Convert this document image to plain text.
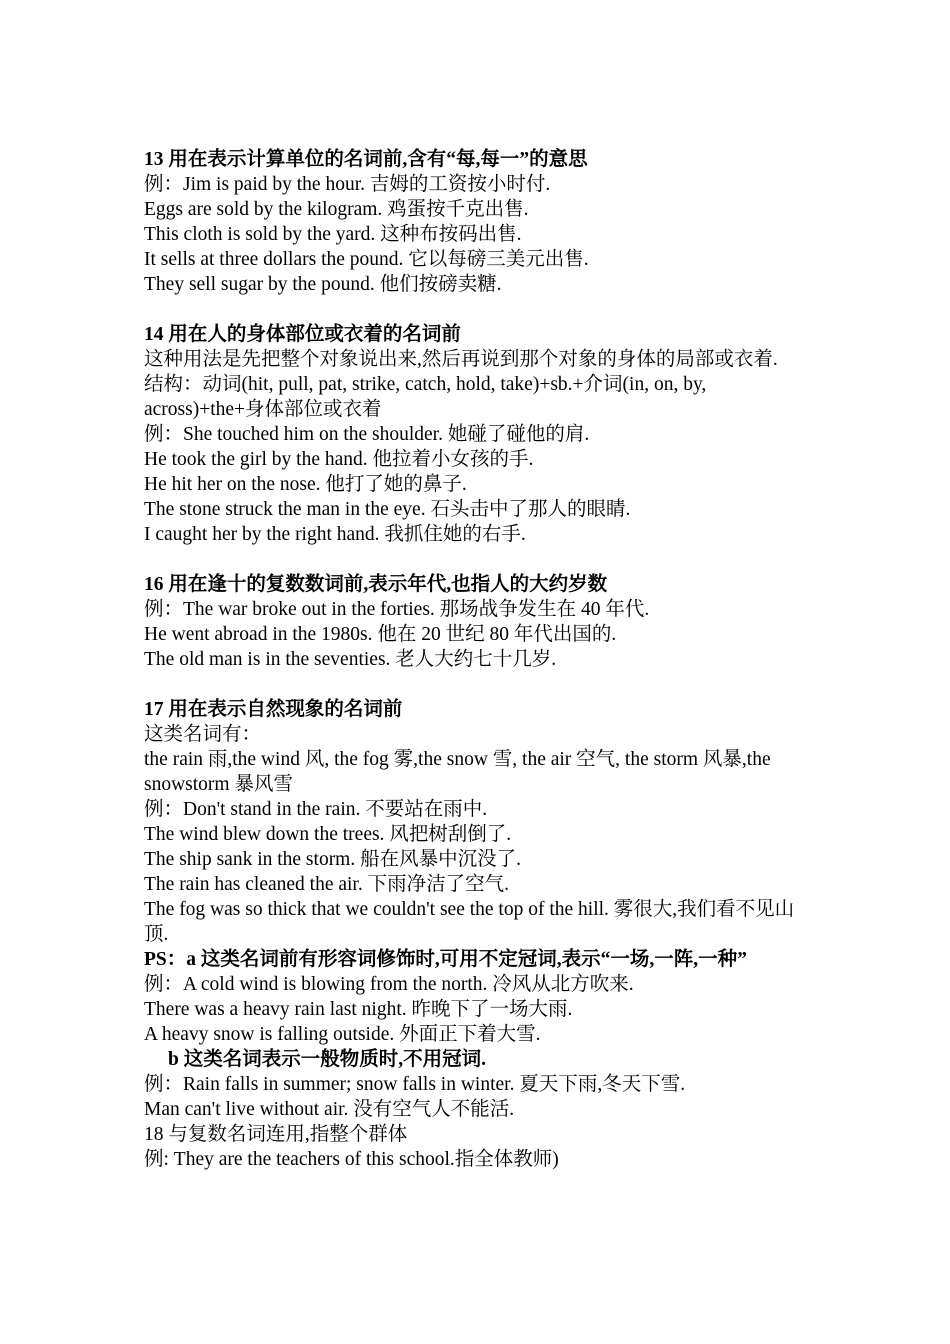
13 用在表示计算单位的名词前,含有“每,每一”的意思
例：Jim is paid by the hour. 吉姆的工资按小时付.
Eggs are sold by the kilogram. 鸡蛋按千克出售.
This cloth is sold by the yard. 这种布按码出售.
It sells at three dollars the pound. 它以每磅三美元出售.
They sell sugar by the pound. 他们按磅卖糖.
14 用在人的身体部位或衣着的名词前
这种用法是先把整个对象说出来,然后再说到那个对象的身体的局部或衣着.
结构：动词(hit, pull, pat, strike, catch, hold, take)+sb.+介词(in, on, by, across)+the+身体部位或衣着
例：She touched him on the shoulder. 她碰了碰他的肩.
He took the girl by the hand. 他拉着小女孩的手.
He hit her on the nose. 他打了她的鼻子.
The stone struck the man in the eye. 石头击中了那人的眼睛.
I caught her by the right hand. 我抓住她的右手.
16 用在逢十的复数数词前,表示年代,也指人的大约岁数
例：The war broke out in the forties. 那场战争发生在 40 年代.
He went abroad in the 1980s. 他在 20 世纪 80 年代出国的.
The old man is in the seventies. 老人大约七十几岁.
17 用在表示自然现象的名词前
这类名词有：
the rain 雨,the wind 风, the fog 雾,the snow 雪, the air 空气, the storm 风暴,the snowstorm 暴风雪
例：Don't stand in the rain. 不要站在雨中.
The wind blew down the trees. 风把树刮倒了.
The ship sank in the storm. 船在风暴中沉没了.
The rain has cleaned the air. 下雨净洁了空气.
The fog was so thick that we couldn't see the top of the hill. 雾很大,我们看不见山顶.
PS：a 这类名词前有形容词修饰时,可用不定冠词,表示“一场,一阵,一种”
例：A cold wind is blowing from the north. 冷风从北方吹来.
There was a heavy rain last night. 昨晚下了一场大雨.
A heavy snow is falling outside. 外面正下着大雪.
b 这类名词表示一般物质时,不用冠词.
例：Rain falls in summer; snow falls in winter. 夏天下雨,冬天下雪.
Man can't live without air. 没有空气人不能活.
18 与复数名词连用,指整个群体
例: They are the teachers of this school.指全体教师)
